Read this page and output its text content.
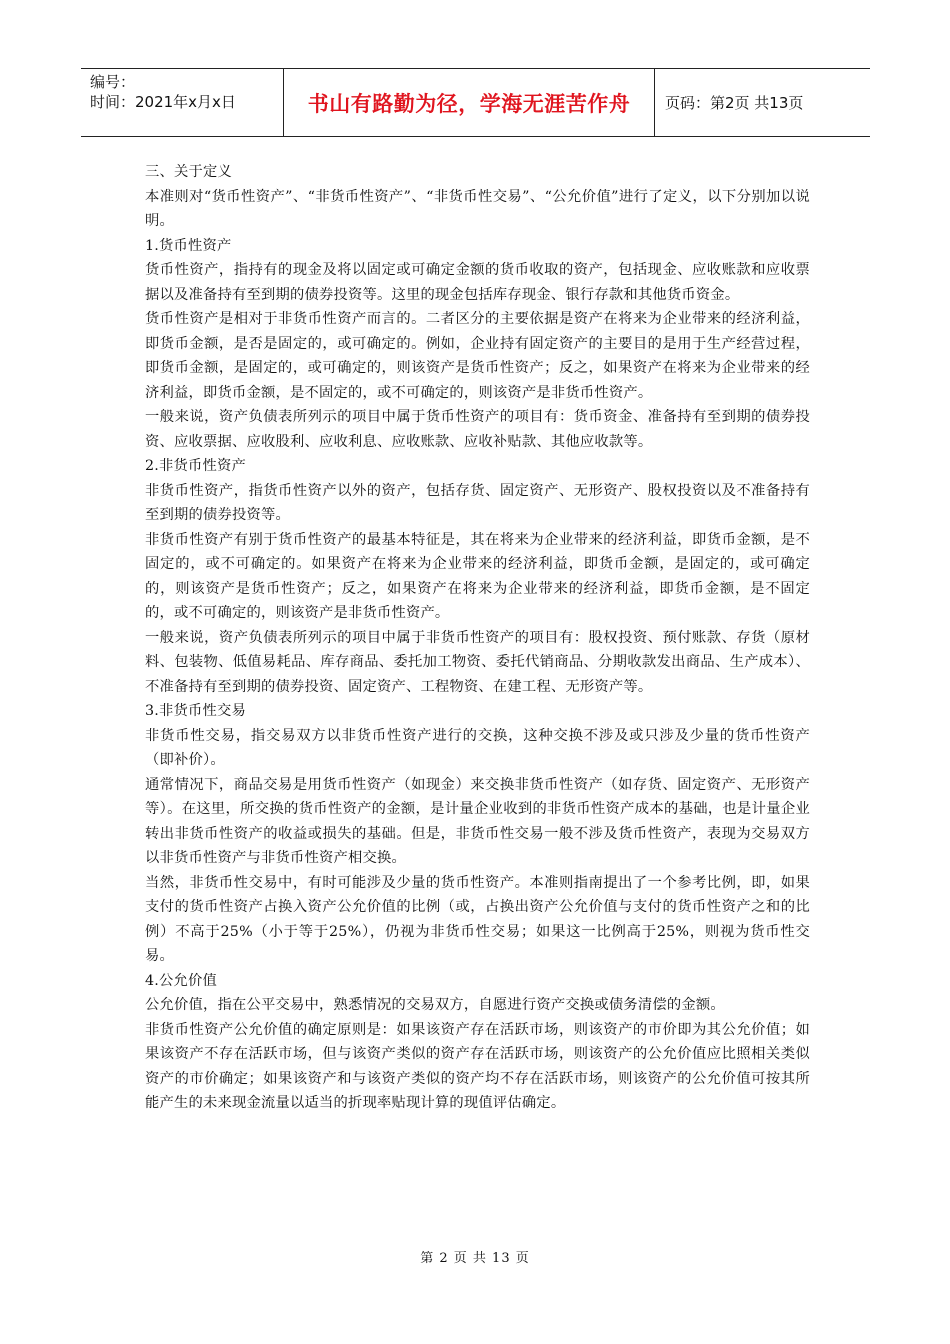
编号：
时间：2021年x月x日	书山有路勤为径，学海无涯苦作舟 页码：第2页 共13页

三、关于定义

本准则对“货币性资产”、“非货币性资产”、“非货币性交易”、“公允价值”进行了定义，以下分别加以说明。

1.货币性资产

货币性资产，指持有的现金及将以固定或可确定金额的货币收取的资产，包括现金、应收账款和应收票据以及准备持有至到期的债券投资等。这里的现金包括库存现金、银行存款和其他货币资金。

货币性资产是相对于非货币性资产而言的。二者区分的主要依据是资产在将来为企业带来的经济利益，即货币金额，是否是固定的，或可确定的。例如，企业持有固定资产的主要目的是用于生产经营过程，即货币金额，是固定的，或可确定的，则该资产是货币性资产；反之，如果资产在将来为企业带来的经济利益，即货币金额，是不固定的，或不可确定的，则该资产是非货币性资产。

一般来说，资产负债表所列示的项目中属于货币性资产的项目有：货币资金、准备持有至到期的债券投资、应收票据、应收股利、应收利息、应收账款、应收补贴款、其他应收款等。

2.非货币性资产

非货币性资产，指货币性资产以外的资产，包括存货、固定资产、无形资产、股权投资以及不准备持有至到期的债券投资等。

非货币性资产有别于货币性资产的最基本特征是，其在将来为企业带来的经济利益，即货币金额，是不固定的，或不可确定的。如果资产在将来为企业带来的经济利益，即货币金额，是固定的，或可确定的，则该资产是货币性资产；反之，如果资产在将来为企业带来的经济利益，即货币金额，是不固定的，或不可确定的，则该资产是非货币性资产。

一般来说，资产负债表所列示的项目中属于非货币性资产的项目有：股权投资、预付账款、存货（原材料、包装物、低值易耗品、库存商品、委托加工物资、委托代销商品、分期收款发出商品、生产成本）、不准备持有至到期的债券投资、固定资产、工程物资、在建工程、无形资产等。

3.非货币性交易

非货币性交易，指交易双方以非货币性资产进行的交换，这种交换不涉及或只涉及少量的货币性资产（即补价）。

通常情况下，商品交易是用货币性资产（如现金）来交换非货币性资产（如存货、固定资产、无形资产等）。在这里，所交换的货币性资产的金额，是计量企业收到的非货币性资产成本的基础，也是计量企业转出非货币性资产的收益或损失的基础。但是，非货币性交易一般不涉及货币性资产，表现为交易双方以非货币性资产与非货币性资产相交换。

当然，非货币性交易中，有时可能涉及少量的货币性资产。本准则指南提出了一个参考比例，即，如果支付的货币性资产占换入资产公允价值的比例（或，占换出资产公允价值与支付的货币性资产之和的比例）不高于25%（小于等于25%），仍视为非货币性交易；如果这一比例高于25%，则视为货币性交易。

4.公允价值

公允价值，指在公平交易中，熟悉情况的交易双方，自愿进行资产交换或债务清偿的金额。

非货币性资产公允价值的确定原则是：如果该资产存在活跃市场，则该资产的市价即为其公允价值；如果该资产不存在活跃市场，但与该资产类似的资产存在活跃市场，则该资产的公允价值应比照相关类似资产的市价确定；如果该资产和与该资产类似的资产均不存在活跃市场，则该资产的公允价值可按其所能产生的未来现金流量以适当的折现率贴现计算的现值评估确定。

第 2 页 共 13 页
